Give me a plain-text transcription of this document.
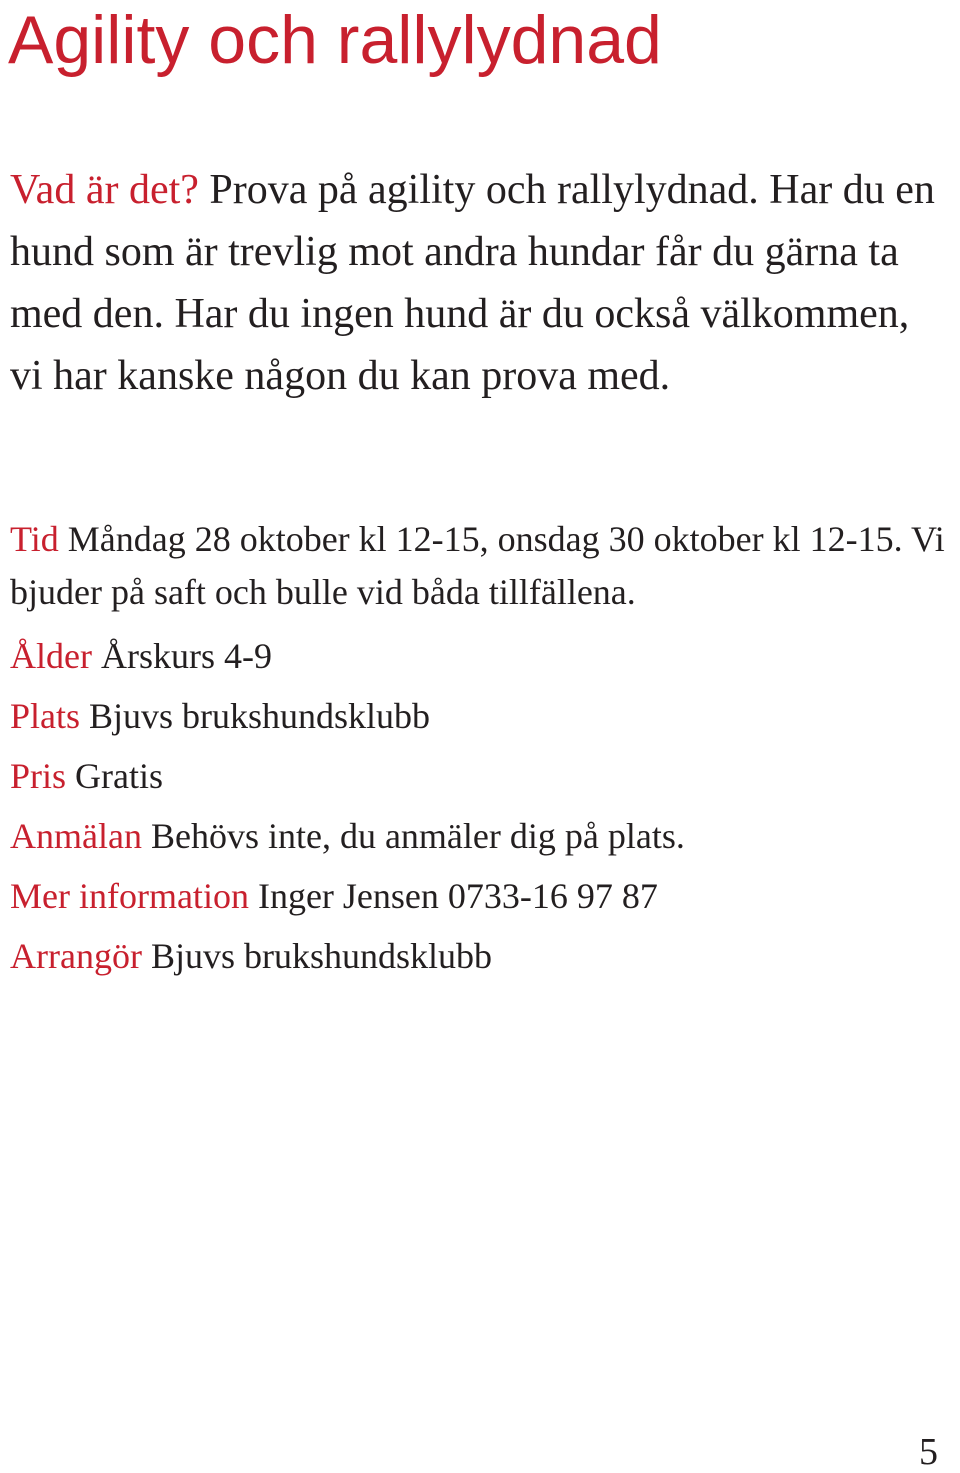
Agility och rallylydnad

Vad är det? Prova på agility och rallylydnad. Har du en hund som är trevlig mot andra hundar får du gärna ta med den. Har du ingen hund är du också välkommen, vi har kanske någon du kan prova med.

Tid Måndag 28 oktober kl 12-15, onsdag 30 oktober kl 12-15. Vi bjuder på saft och bulle vid båda tillfällena.

Ålder Årskurs 4-9

Plats Bjuvs brukshundsklubb

Pris Gratis

Anmälan Behövs inte, du anmäler dig på plats.

Mer information Inger Jensen 0733-16 97 87

Arrangör Bjuvs brukshundsklubb

5
